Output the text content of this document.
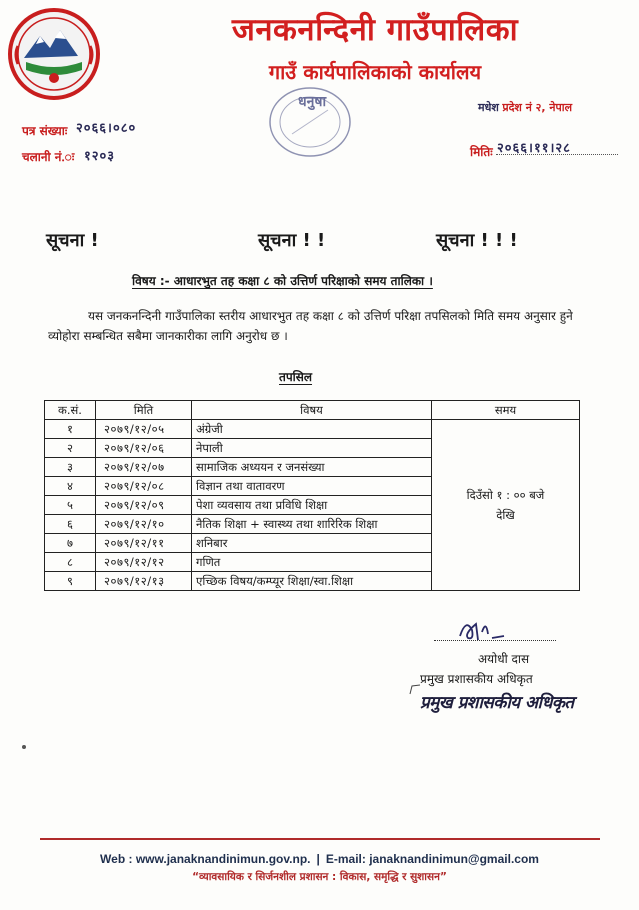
जनकनन्दिनी गाउँपालिका
गाउँ कार्यपालिकाको कार्यालय
धनुषा
पत्र संख्याः २०६६।०८०
चलानी नं.ः १२०३
मधेश प्रदेश नं २, नेपाल
मितिः २०६६।११।२८
सूचना !	सूचना ! !	सूचना ! ! !
विषय :- आधारभुत तह कक्षा ८ को उत्तिर्ण परिक्षाको समय तालिका ।
यस जनकनन्दिनी गाउँपालिका स्तरीय आधारभुत तह कक्षा ८ को उत्तिर्ण परिक्षा तपसिलको मिति समय अनुसार हुने व्योहोरा सम्बन्धित सबैमा जानकारीका लागि अनुरोध छ ।
तपसिल
क.सं.	मिति	विषय	समय
१	२०७९/१२/०५	अंग्रेजी	दिउँसो १ : ०० बजे
देखि

२	२०७९/१२/०६	नेपाली	
३	२०७९/१२/०७	सामाजिक अध्ययन र जनसंख्या	
४	२०७९/१२/०८	विज्ञान तथा वातावरण	
५	२०७९/१२/०९	पेशा व्यवसाय तथा प्रविधि शिक्षा	
६	२०७९/१२/१०	नैतिक शिक्षा + स्वास्थ्य तथा शारिरिक शिक्षा	
७	२०७९/१२/११	शनिबार	
८	२०७९/१२/१२	गणित	
९	२०७९/१२/१३	एच्छिक विषय/कम्प्यूर शिक्षा/स्वा.शिक्षा	
अयोधी दास
प्रमुख प्रशासकीय अधिकृत
प्रमुख प्रशासकीय अधिकृत
Web : www.janaknandinimun.gov.np. | E-mail: janaknandinimun@gmail.com
“व्यावसायिक र सिर्जनशील प्रशासन : विकास, समृद्धि र सुशासन”
